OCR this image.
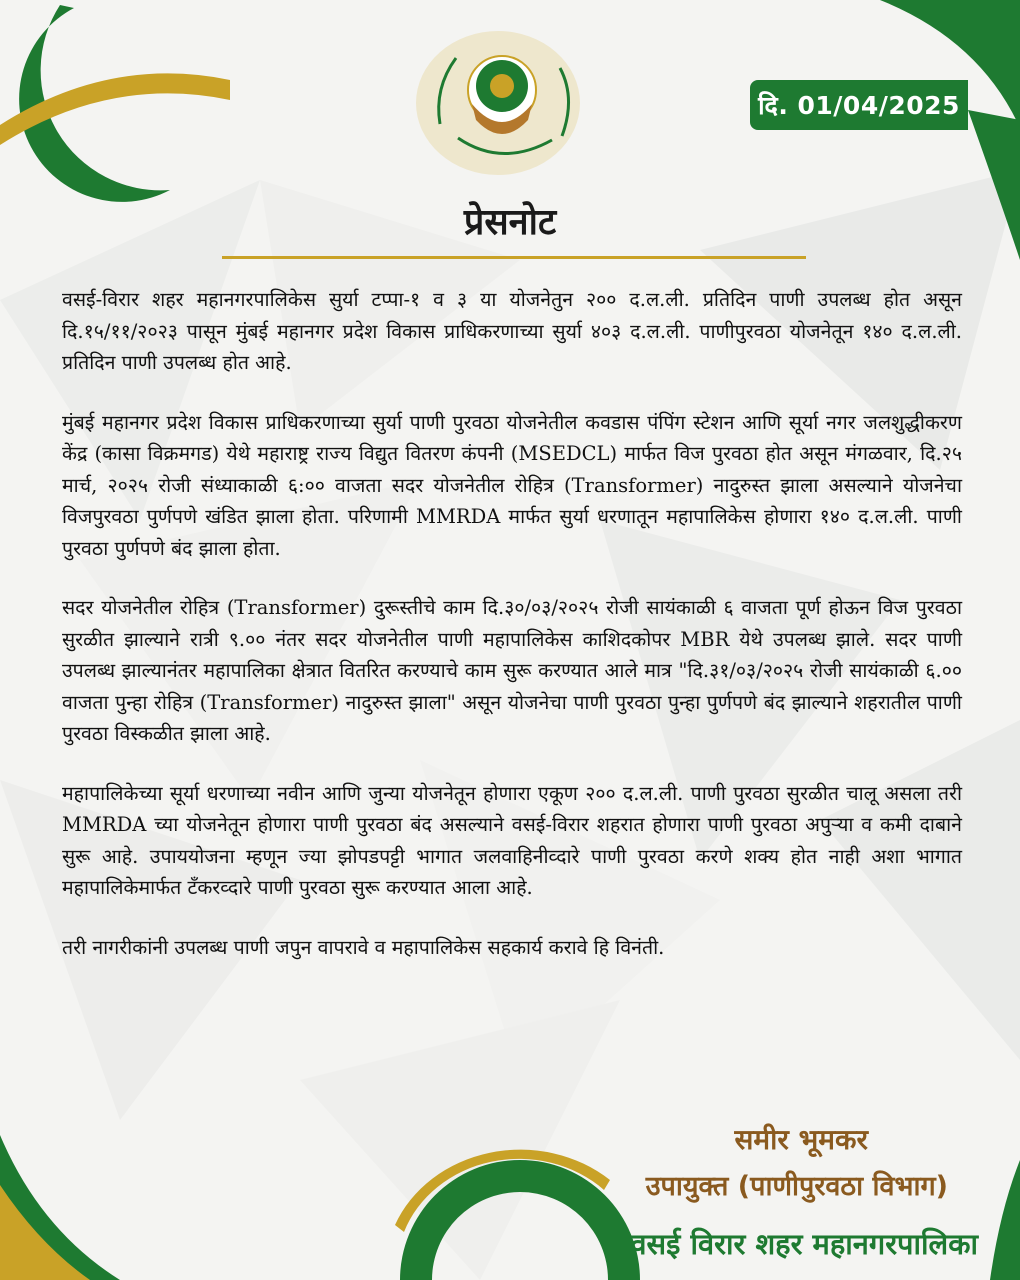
दि. 01/04/2025
प्रेसनोट

वसई-विरार शहर महानगरपालिकेस सुर्या टप्पा-१ व ३ या योजनेतुन २०० द.ल.ली. प्रतिदिन पाणी उपलब्ध होत असून दि.१५/११/२०२३ पासून मुंबई महानगर प्रदेश विकास प्राधिकरणाच्या सुर्या ४०३ द.ल.ली. पाणीपुरवठा योजनेतून १४० द.ल.ली. प्रतिदिन पाणी उपलब्ध होत आहे.

मुंबई महानगर प्रदेश विकास प्राधिकरणाच्या सुर्या पाणी पुरवठा योजनेतील कवडास पंपिंग स्टेशन आणि सूर्या नगर जलशुद्धीकरण केंद्र (कासा विक्रमगड) येथे महाराष्ट्र राज्य विद्युत वितरण कंपनी (MSEDCL) मार्फत विज पुरवठा होत असून मंगळवार, दि.२५ मार्च, २०२५ रोजी संध्याकाळी ६:०० वाजता सदर योजनेतील रोहित्र (Transformer) नादुरुस्त झाला असल्याने योजनेचा विजपुरवठा पुर्णपणे खंडित झाला होता. परिणामी MMRDA मार्फत सुर्या धरणातून महापालिकेस होणारा १४० द.ल.ली. पाणी पुरवठा पुर्णपणे बंद झाला होता.

सदर योजनेतील रोहित्र (Transformer) दुरूस्तीचे काम दि.३०/०३/२०२५ रोजी सायंकाळी ६ वाजता पूर्ण होऊन विज पुरवठा सुरळीत झाल्याने रात्री ९.०० नंतर सदर योजनेतील पाणी महापालिकेस काशिदकोपर MBR येथे उपलब्ध झाले. सदर पाणी उपलब्ध झाल्यानंतर महापालिका क्षेत्रात वितरित करण्याचे काम सुरू करण्यात आले मात्र "दि.३१/०३/२०२५ रोजी सायंकाळी ६.०० वाजता पुन्हा रोहित्र (Transformer) नादुरुस्त झाला" असून योजनेचा पाणी पुरवठा पुन्हा पुर्णपणे बंद झाल्याने शहरातील पाणी पुरवठा विस्कळीत झाला आहे.

महापालिकेच्या सूर्या धरणाच्या नवीन आणि जुन्या योजनेतून होणारा एकूण २०० द.ल.ली. पाणी पुरवठा सुरळीत चालू असला तरी MMRDA च्या योजनेतून होणारा पाणी पुरवठा बंद असल्याने वसई-विरार शहरात होणारा पाणी पुरवठा अपुऱ्या व कमी दाबाने सुरू आहे. उपाययोजना म्हणून ज्या झोपडपट्टी भागात जलवाहिनीव्दारे पाणी पुरवठा करणे शक्य होत नाही अशा भागात महापालिकेमार्फत टँकरव्दारे पाणी पुरवठा सुरू करण्यात आला आहे.

तरी नागरीकांनी उपलब्ध पाणी जपुन वापरावे व महापालिकेस सहकार्य करावे हि विनंती.

समीर भूमकर
उपायुक्त (पाणीपुरवठा विभाग)
वसई विरार शहर महानगरपालिका
